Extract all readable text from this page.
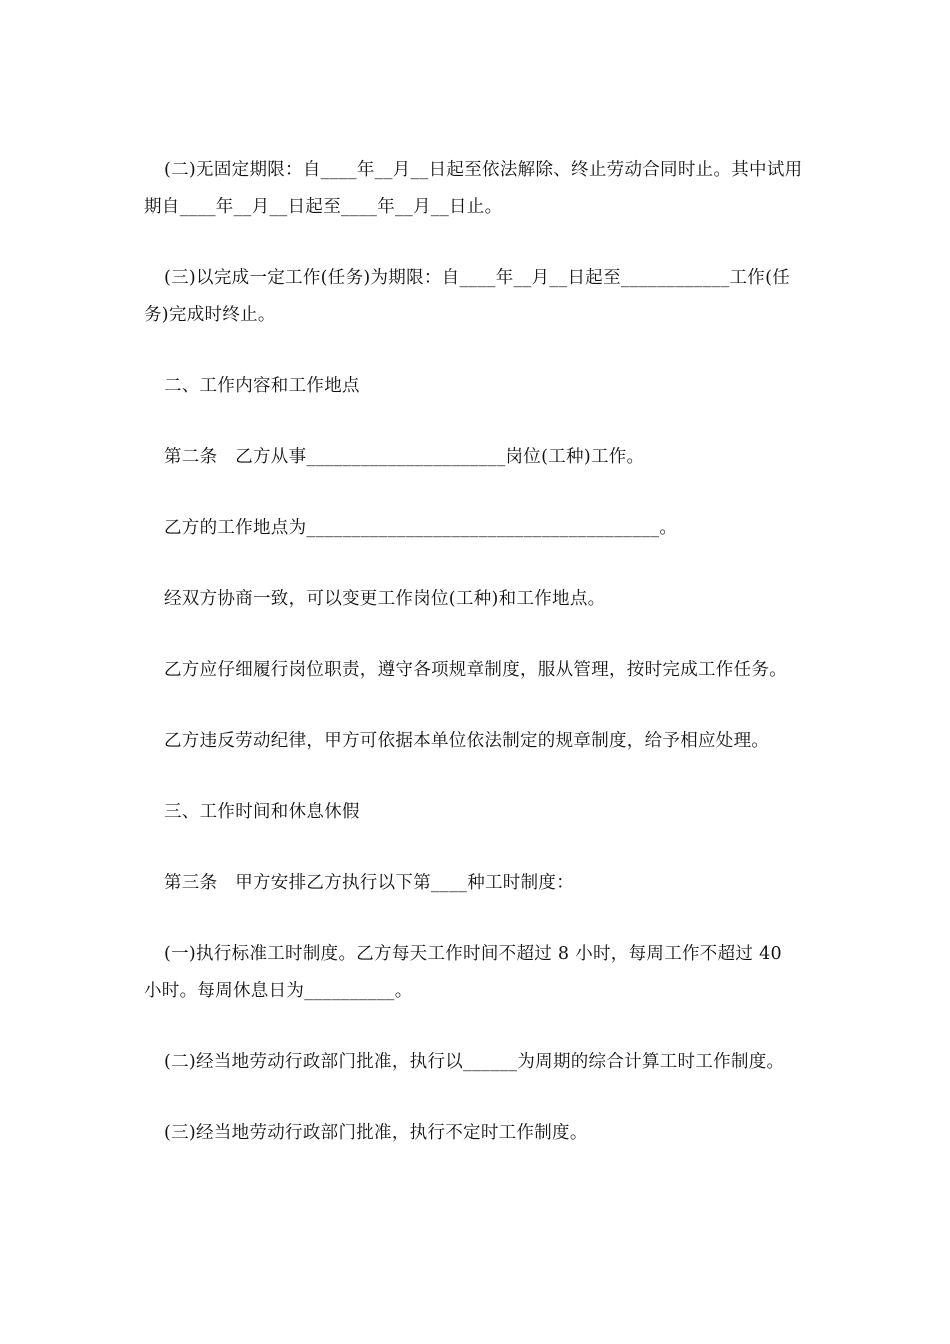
(二)无固定期限：自____年__月__日起至依法解除、终止劳动合同时止。其中试用期自____年__月__日起至____年__月__日止。

(三)以完成一定工作(任务)为期限：自____年__月__日起至____________工作(任务)完成时终止。

二、工作内容和工作地点

第二条　乙方从事______________________岗位(工种)工作。

乙方的工作地点为_______________________________________。

经双方协商一致，可以变更工作岗位(工种)和工作地点。

乙方应仔细履行岗位职责，遵守各项规章制度，服从管理，按时完成工作任务。

乙方违反劳动纪律，甲方可依据本单位依法制定的规章制度，给予相应处理。

三、工作时间和休息休假

第三条　甲方安排乙方执行以下第____种工时制度：

(一)执行标准工时制度。乙方每天工作时间不超过 8 小时，每周工作不超过 40 小时。每周休息日为__________。

(二)经当地劳动行政部门批准，执行以______为周期的综合计算工时工作制度。

(三)经当地劳动行政部门批准，执行不定时工作制度。
